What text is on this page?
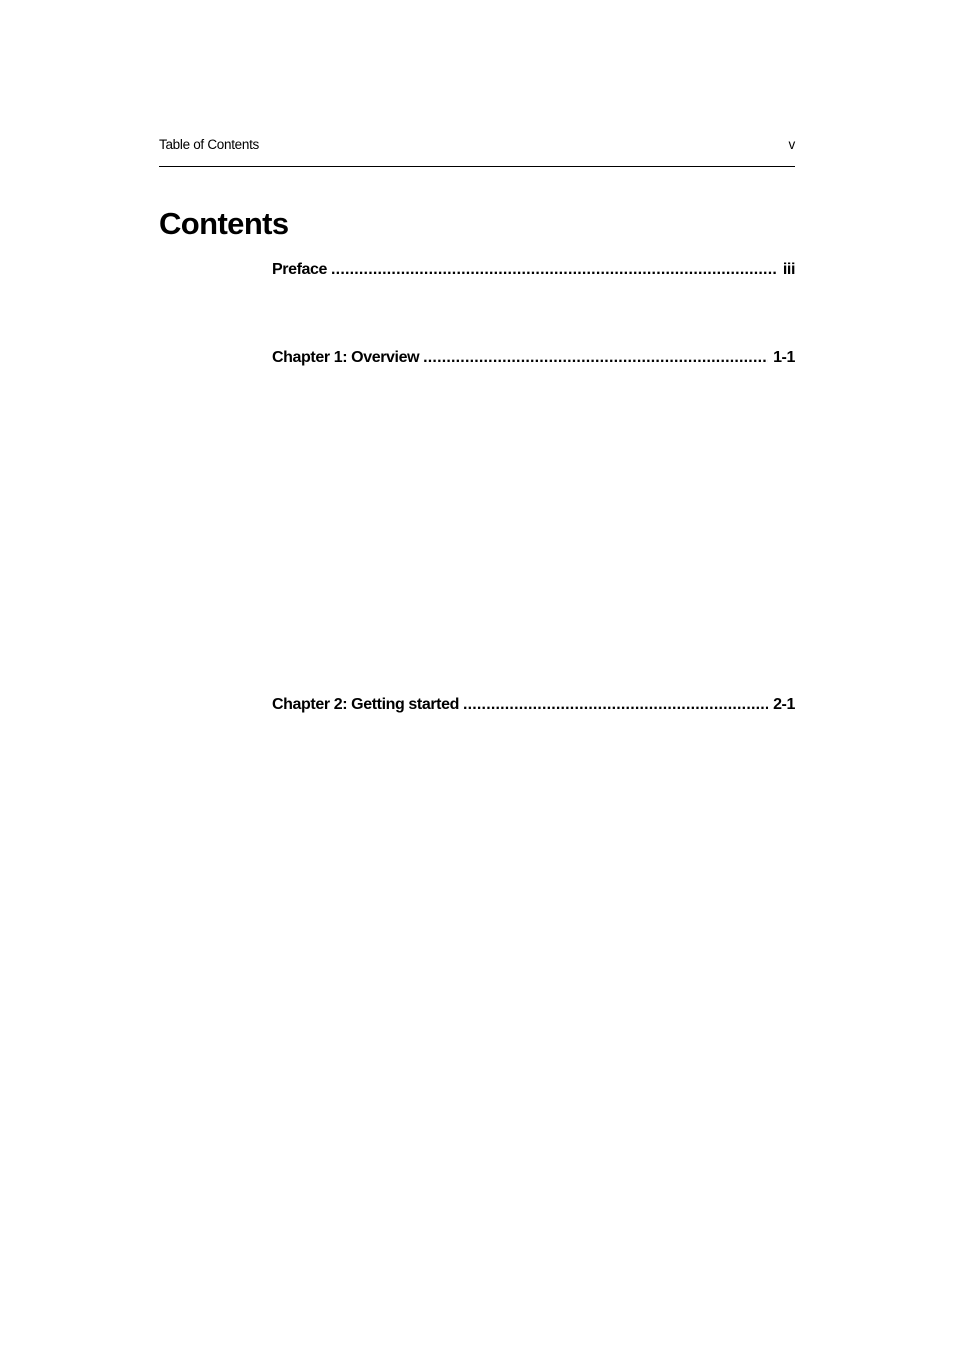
Table of Contents	v
Contents
Preface .....	iii
Chapter 1: Overview .....	1-1
Chapter 2: Getting started .....	2-1
